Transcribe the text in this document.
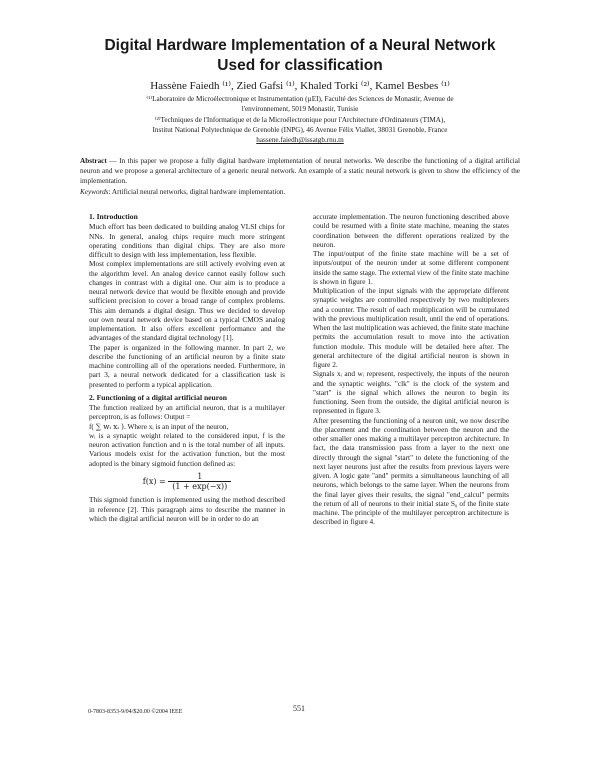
Digital Hardware Implementation of a Neural Network
Used for classification
Hassène Faiedh ⁽¹⁾, Zied Gafsi ⁽¹⁾, Khaled Torki ⁽²⁾, Kamel Besbes ⁽¹⁾
⁽¹⁾Laboratoire de Microélectronique et Instrumentation (µEI), Faculté des Sciences de Monastir, Avenue de
l'environnement, 5019 Monastir, Tunisie
⁽²⁾Techniques de l'Informatique et de la Microélectronique pour l'Architecture d'Ordinateurs (TIMA),
Institut National Polytechnique de Grenoble (INPG), 46 Avenue Félix Viallet, 38031 Grenoble, France
hassene.faiedh@issatgb.rnu.tn
Abstract — In this paper we propose a fully digital hardware implementation of neural networks. We describe the functioning of a digital artificial neuron and we propose a general architecture of a generic neural network. An example of a static neural network is given to show the efficiency of the implementation.
Keywords: Artificial neural networks, digital hardware implementation.
1. Introduction

Much effort has been dedicated to building analog VLSI chips for NNs. In general, analog chips require much more stringent operating conditions than digital chips. They are also more difficult to design with less implementation, less flexible.

Most complex implementations are still actively evolving even at the algorithm level. An analog device cannot easily follow such changes in contrast with a digital one. Our aim is to produce a neural network device that would be flexible enough and provide sufficient precision to cover a broad range of complex problems. This aim demands a digital design. Thus we decided to develop our own neural network device based on a typical CMOS analog implementation. It also offers excellent performance and the advantages of the standard digital technology [1].

The paper is organized in the following manner. In part 2, we describe the functioning of an artificial neuron by a finite state machine controlling all of the operations needed. Furthermore, in part 3, a neural network dedicated for a classification task is presented to perform a typical application.

2. Functioning of a digital artificial neuron

The function realized by an artificial neuron, that is a multilayer perceptron, is as follows: Output =

f( ∑ wᵢ xᵢ ). Where xᵢ is an input of the neuron,

wᵢ is a synaptic weight related to the considered input, f is the neuron activation function and n is the total number of all inputs. Various models exist for the activation function, but the most adopted is the binary sigmoid function defined as:

$f(x) = \frac{1}{(1 + \exp(-x))}$

This sigmoid function is implemented using the method described in reference [2]. This paragraph aims to describe the manner in which the digital artificial neuron will be in order to do an

accurate implementation. The neuron functioning described above could be resumed with a finite state machine, meaning the states coordination between the different operations realized by the neuron.

The input/output of the finite state machine will be a set of inputs/output of the neuron under at some different component inside the same stage. The external view of the finite state machine is shown in figure 1.

Multiplication of the input signals with the appropriate different synaptic weights are controlled respectively by two multiplexers and a counter. The result of each multiplication will be cumulated with the previous multiplication result, until the end of operations. When the last multiplication was achieved, the finite state machine permits the accumulation result to move into the activation function module. This module will be detailed here after. The general architecture of the digital artificial neuron is shown in figure 2.

Signals xᵢ and wᵢ represent, respectively, the inputs of the neuron and the synaptic weights. "clk" is the clock of the system and "start" is the signal which allows the neuron to begin its functioning. Seen from the outside, the digital artificial neuron is represented in figure 3.

After presenting the functioning of a neuron unit, we now describe the placement and the coordination between the neuron and the other smaller ones making a multilayer perceptron architecture. In fact, the data transmission pass from a layer to the next one directly through the signal "start" to delete the functioning of the next layer neurons just after the results from previous layers were given. A logic gate "and" permits a simultaneous launching of all neurons, which belongs to the same layer. When the neurons from the final layer gives their results, the signal "end_calcul" permits the return of all of neurons to their initial state S₀ of the finite state machine. The principle of the multilayer perceptron architecture is described in figure 4.

0-7803-8353-9/04/$20.00 ©2004 IEEE	551
